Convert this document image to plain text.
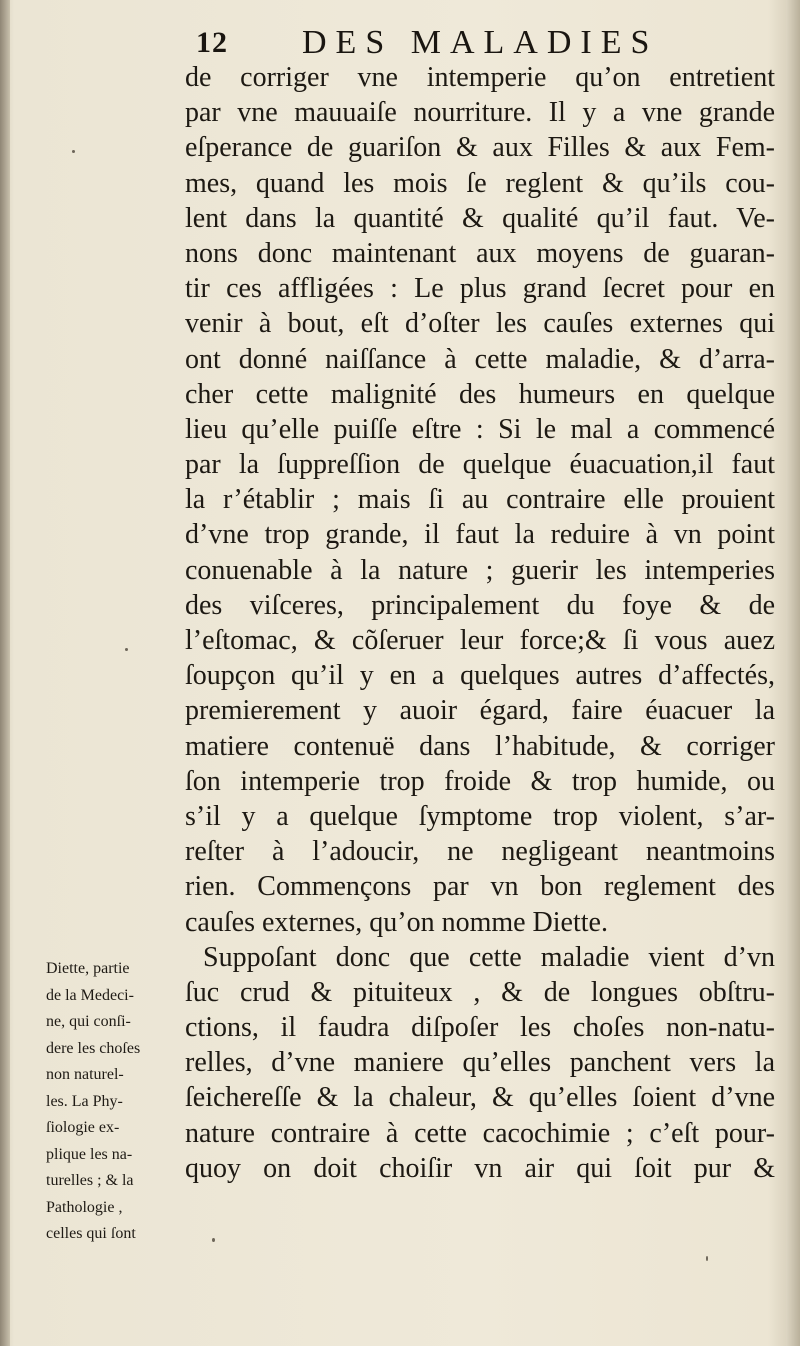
12 DES MALADIES
de corriger vne intemperie qu’on entretient
par vne mauuaiſe nourriture. Il y a vne grande
eſperance de guariſon & aux Filles & aux Fem-
mes, quand les mois ſe reglent & qu’ils cou-
lent dans la quantité & qualité qu’il faut. Ve-
nons donc maintenant aux moyens de guaran-
tir ces affligées : Le plus grand ſecret pour en
venir à bout, eſt d’oſter les cauſes externes qui
ont donné naiſſance à cette maladie, & d’arra-
cher cette malignité des humeurs en quelque
lieu qu’elle puiſſe eſtre : Si le mal a commencé
par la ſuppreſſion de quelque éuacuation,il faut
la r’établir ; mais ſi au contraire elle prouient
d’vne trop grande, il faut la reduire à vn point
conuenable à la nature ; guerir les intemperies
des viſceres, principalement du foye & de
l’eſtomac, & cõſeruer leur force;& ſi vous auez
ſoupçon qu’il y en a quelques autres d’affectés,
premierement y auoir égard, faire éuacuer la
matiere contenuë dans l’habitude, & corriger
ſon intemperie trop froide & trop humide, ou
s’il y a quelque ſymptome trop violent, s’ar-
reſter à l’adoucir, ne negligeant neantmoins
rien. Commençons par vn bon reglement des
cauſes externes, qu’on nomme Diette.
Suppoſant donc que cette maladie vient d’vn
ſuc crud & pituiteux , & de longues obſtru-
ctions, il faudra diſpoſer les choſes non-natu-
relles, d’vne maniere qu’elles panchent vers la
ſeichereſſe & la chaleur, & qu’elles ſoient d’vne
nature contraire à cette cacochimie ; c’eſt pour-
quoy on doit choiſir vn air qui ſoit pur &
Diette, partie
de la Medeci-
ne, qui conſi-
dere les choſes
non naturel-
les. La Phy-
ſiologie ex-
plique les na-
turelles ; & la
Pathologie ,
celles qui ſont
